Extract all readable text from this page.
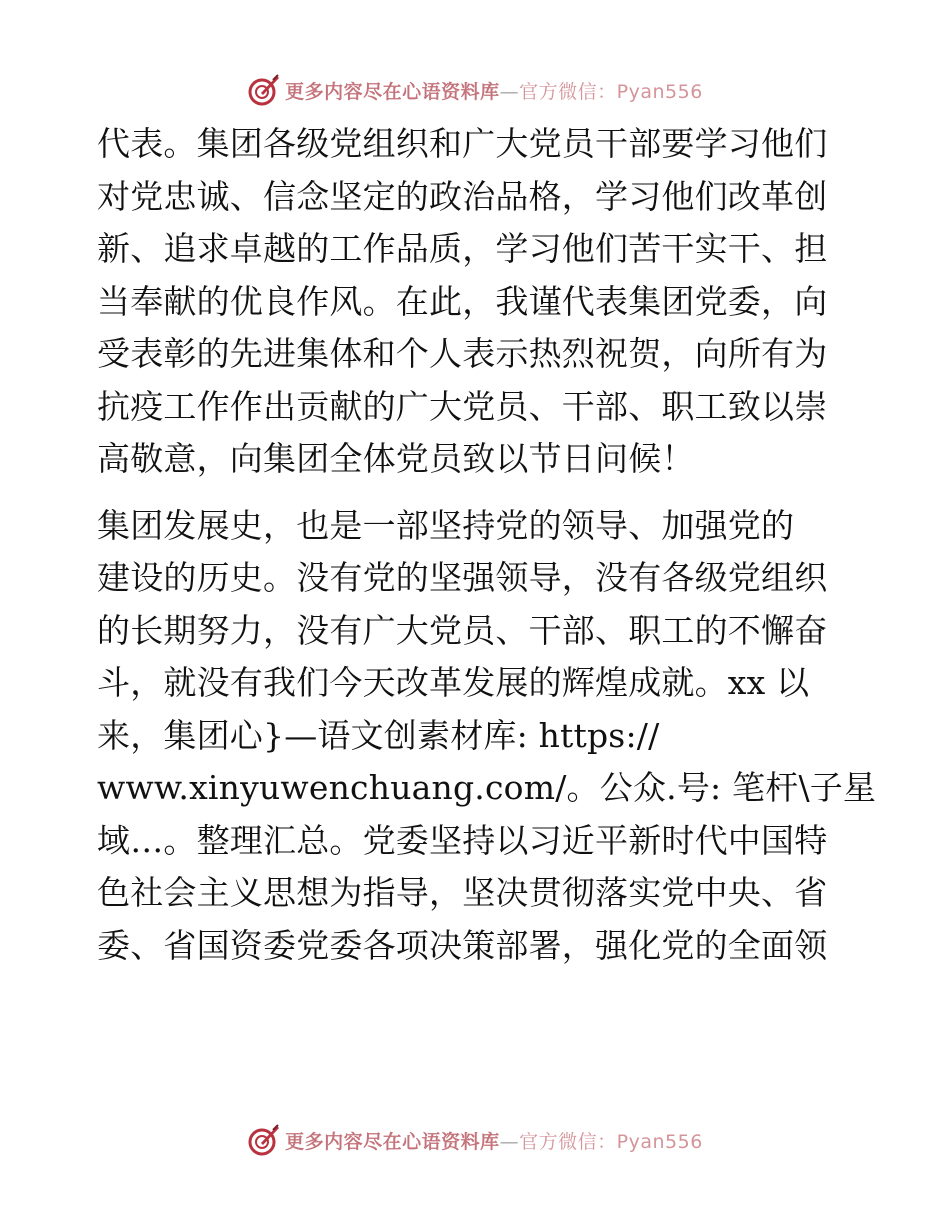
更多内容尽在心语资料库—官方微信：Pyan556
代表。集团各级党组织和广大党员干部要学习他们
对党忠诚、信念坚定的政治品格，学习他们改革创
新、追求卓越的工作品质，学习他们苦干实干、担
当奉献的优良作风。在此，我谨代表集团党委，向
受表彰的先进集体和个人表示热烈祝贺，向所有为
抗疫工作作出贡献的广大党员、干部、职工致以崇
高敬意，向集团全体党员致以节日问候！
集团发展史，也是一部坚持党的领导、加强党的
建设的历史。没有党的坚强领导，没有各级党组织
的长期努力，没有广大党员、干部、职工的不懈奋
斗，就没有我们今天改革发展的辉煌成就。xx 以
来，集团心}—语文创素材库: https://
www.xinyuwenchuang.com/。公众.号: 笔杆\子星
域…。整理汇总。党委坚持以习近平新时代中国特
色社会主义思想为指导，坚决贯彻落实党中央、省
委、省国资委党委各项决策部署，强化党的全面领
更多内容尽在心语资料库—官方微信：Pyan556
